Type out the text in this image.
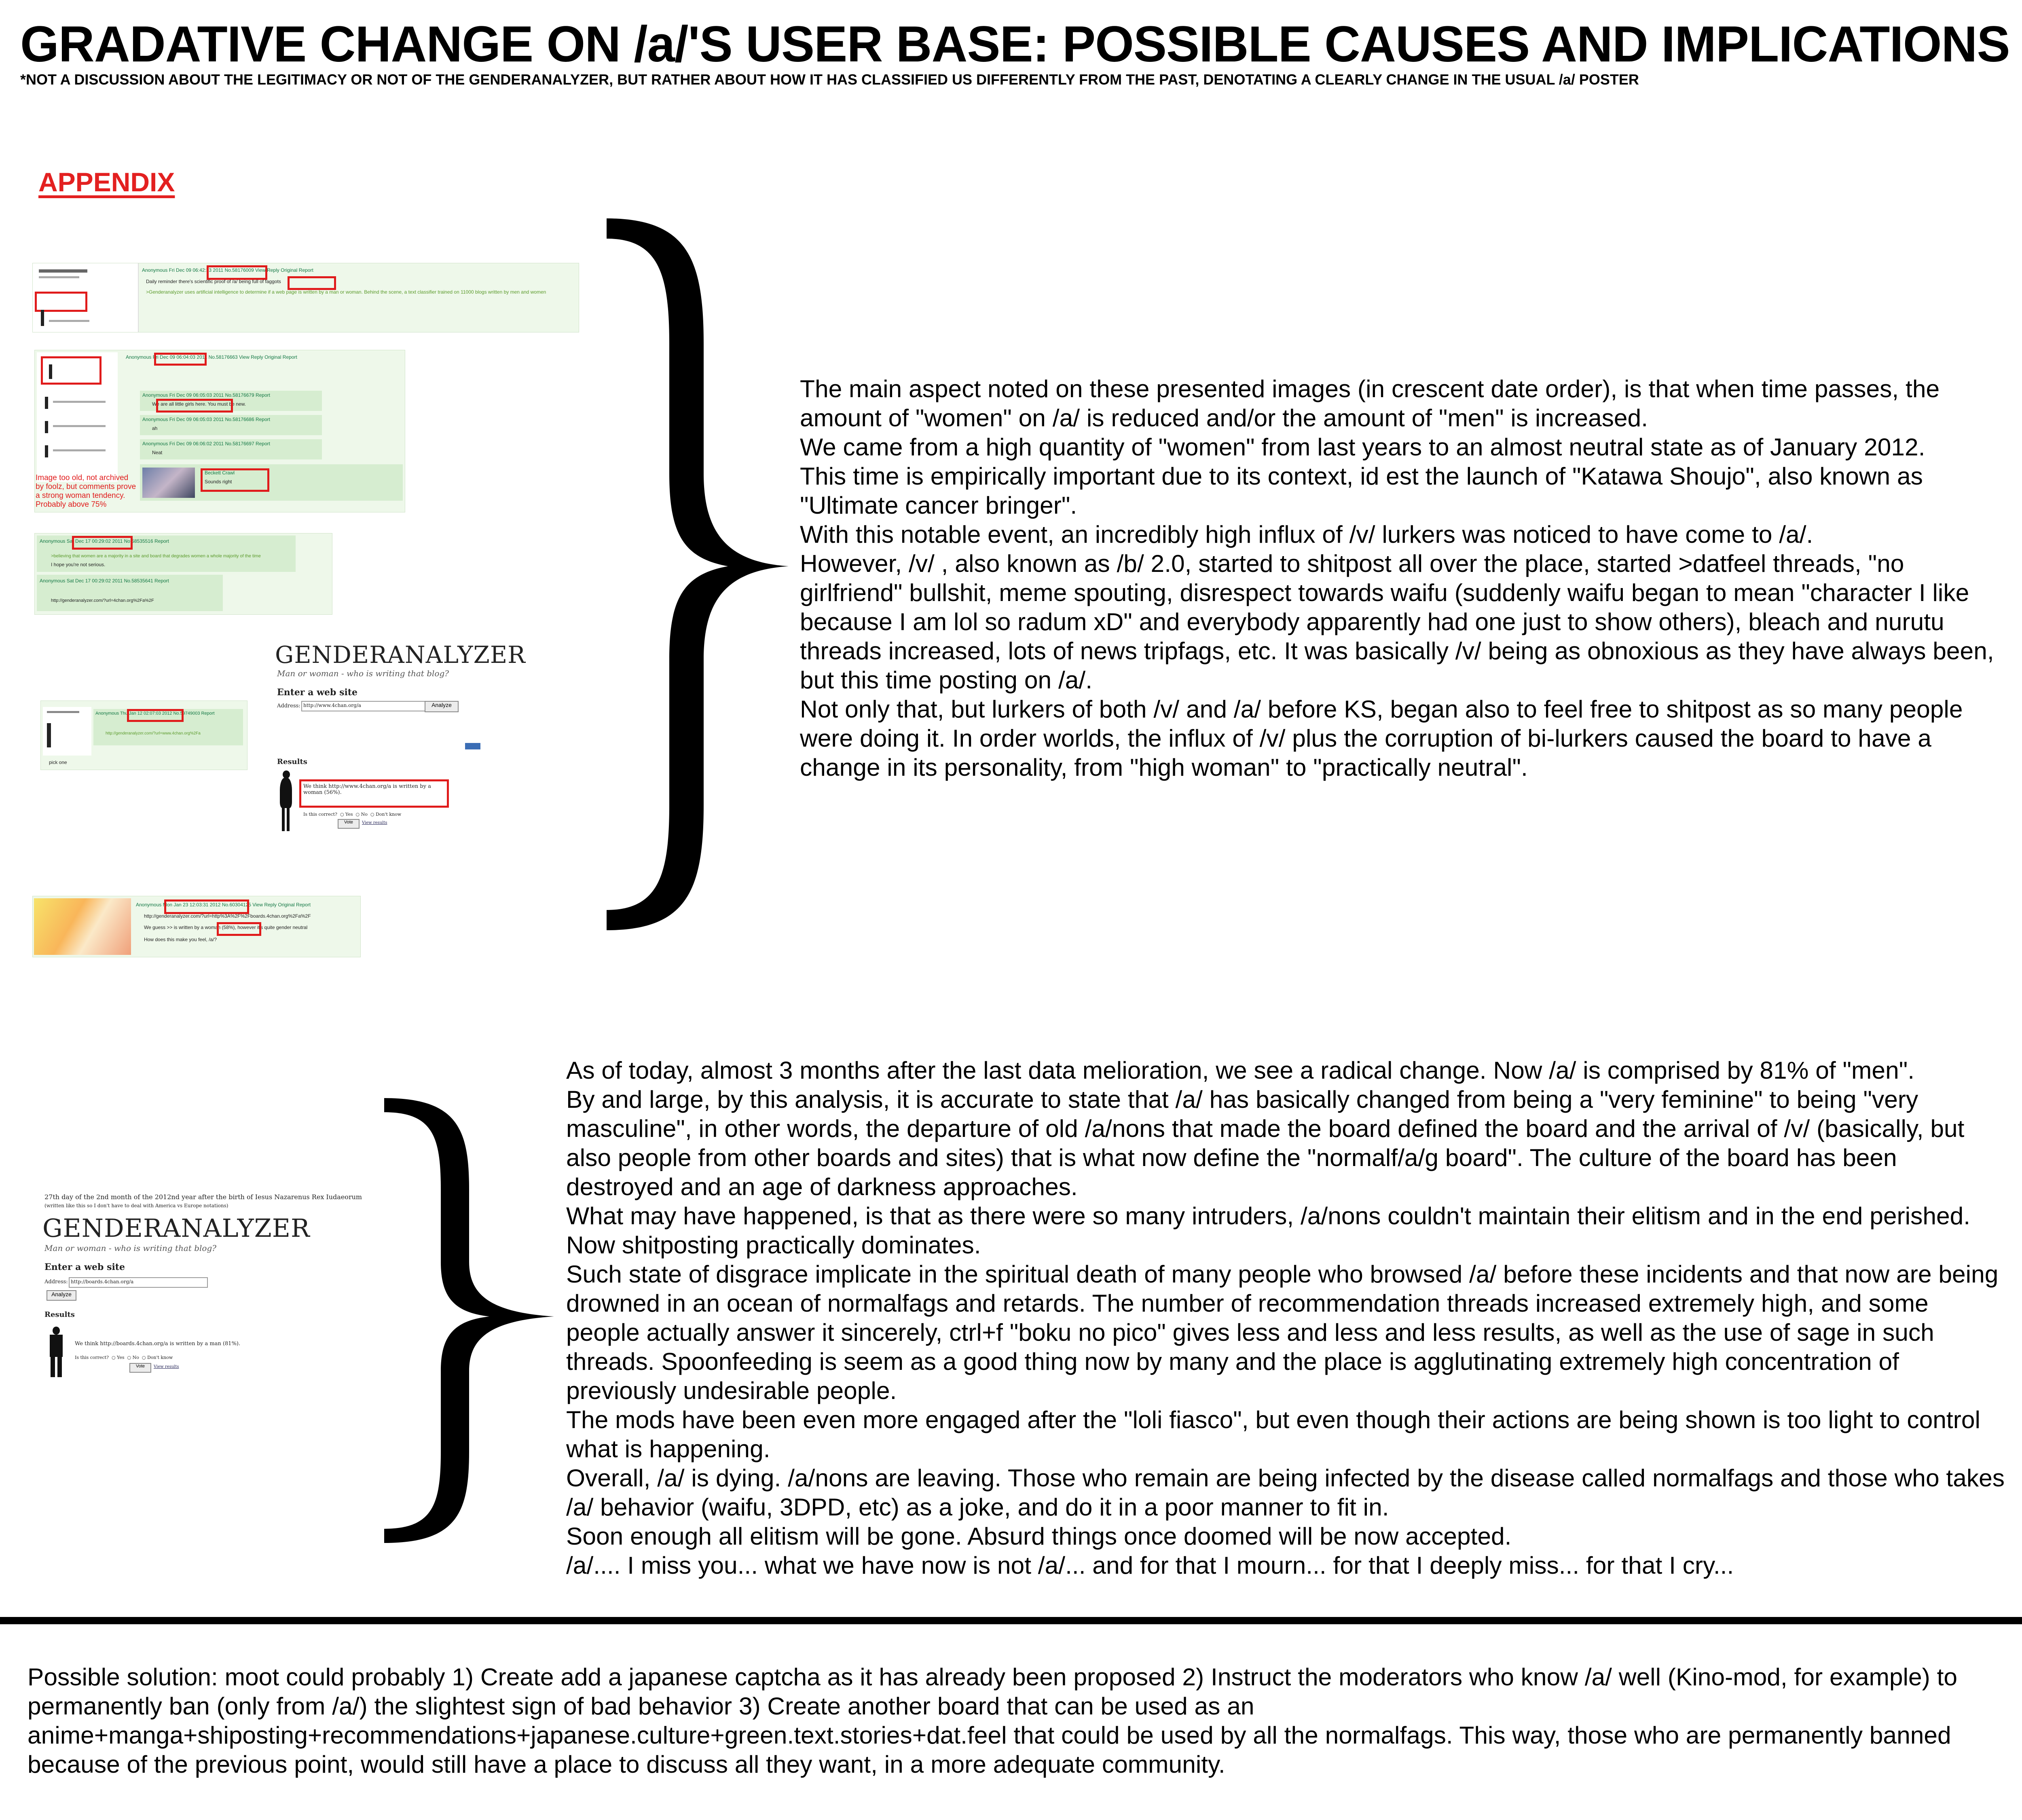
GRADATIVE CHANGE ON /a/'S USER BASE: POSSIBLE CAUSES AND IMPLICATIONS
*NOT A DISCUSSION ABOUT THE LEGITIMACY OR NOT OF THE GENDERANALYZER, BUT RATHER ABOUT HOW IT HAS CLASSIFIED US DIFFERENTLY FROM THE PAST, DENOTATING A CLEARLY CHANGE IN THE USUAL /a/ POSTER
APPENDIX
Anonymous Fri Dec 09 06:42:33 2011 No.58176009 View Reply Original Report
Daily reminder there's scientific proof of /a/ being full of faggots
>Genderanalyzer uses artificial intelligence to determine if a web page is written by a man or woman. Behind the scene, a text classifier trained on 11000 blogs written by men and women
Anonymous Fri Dec 09 06:04:03 2011 No.58176663 View Reply Original Report
Anonymous Fri Dec 09 06:05:03 2011 No.58176679 Report
We are all little girls here. You must be new.
Anonymous Fri Dec 09 06:05:03 2011 No.58176686 Report
ah
Anonymous Fri Dec 09 06:06:02 2011 No.58176697 Report
Neat
Beckett Crawl
Sounds right
Image too old, not archived by foolz, but comments prove a strong woman tendency. Probably above 75%
Anonymous Sat Dec 17 00:29:02 2011 No.58535516 Report
>believing that women are a majority in a site and board that degrades women a whole majority of the time
I hope you're not serious.
Anonymous Sat Dec 17 00:29:02 2011 No.58535641 Report
http://genderanalyzer.com/?url=4chan.org%2Fa%2F
GENDERANALYZER
Man or woman - who is writing that blog?
Enter a web site
Address: http://www.4chan.org/a	Analyze
Results
We think http://www.4chan.org/a is written by a woman (56%).
Is this correct?  ○ Yes  ○ No  ○ Don't know
Vote	View results
Anonymous Thu Jan 12 02:07:03 2012 No.59749003 Report
http://genderanalyzer.com/?url=www.4chan.org%2Fa
pick one
Anonymous Mon Jan 23 12:03:31 2012 No.60304125 View Reply Original Report
http://genderanalyzer.com/?url=http%3A%2F%2Fboards.4chan.org%2Fa%2F
We guess >> is written by a woman (58%), however it's quite gender neutral
How does this make you feel, /a/?
27th day of the 2nd month of the 2012nd year after the birth of Iesus Nazarenus Rex Iudaeorum
(written like this so I don't have to deal with America vs Europe notations)
GENDERANALYZER
Man or woman - who is writing that blog?
Enter a web site
Address: http://boards.4chan.org/a
Analyze
Results
We think http://boards.4chan.org/a is written by a man (81%).
Is this correct?  ○ Yes  ○ No  ○ Don't know
Vote	View results
The main aspect noted on these presented images (in crescent date order), is that when time passes, the amount of "women" on /a/ is reduced and/or the amount of "men" is increased.
We came from a high quantity of "women" from last years to an almost neutral state as of January 2012.
This time is empirically important due to its context, id est the launch of "Katawa Shoujo", also known as "Ultimate cancer bringer".
With this notable event, an incredibly high influx of /v/ lurkers was noticed to have come to /a/.
However, /v/ , also known as /b/ 2.0, started to shitpost all over the place, started >datfeel threads, "no girlfriend" bullshit, meme spouting, disrespect towards waifu (suddenly waifu began to mean "character I like because I am lol so radum xD" and everybody apparently had one just to show others), bleach and nurutu threads increased, lots of news tripfags, etc. It was basically /v/ being as obnoxious as they have always been, but this time posting on /a/.
Not only that, but lurkers of both /v/ and /a/ before KS, began also to feel free to shitpost as so many people were doing it. In order worlds, the influx of /v/ plus the corruption of bi-lurkers caused the board to have a change in its personality, from "high woman" to "practically neutral".
As of today, almost 3 months after the last data melioration, we see a radical change. Now /a/ is comprised by 81% of "men".
By and large, by this analysis, it is accurate to state that /a/ has basically changed from being a "very feminine" to being "very masculine", in other words, the departure of old /a/nons that made the board defined the board and the arrival of /v/ (basically, but also people from other boards and sites) that is what now define the "normalf/a/g board". The culture of the board has been destroyed and an age of darkness approaches.
What may have happened, is that as there were so many intruders, /a/nons couldn't maintain their elitism and in the end perished. Now shitposting practically dominates.
Such state of disgrace implicate in the spiritual death of many people who browsed /a/ before these incidents and that now are being drowned in an ocean of normalfags and retards. The number of recommendation threads increased extremely high, and some people actually answer it sincerely, ctrl+f "boku no pico" gives less and less and less results, as well as the use of sage in such threads. Spoonfeeding is seem as a good thing now by many and the place is agglutinating extremely high concentration of previously undesirable people.
The mods have been even more engaged after the "loli fiasco", but even though their actions are being shown is too light to control what is happening.
Overall, /a/ is dying. /a/nons are leaving. Those who remain are being infected by the disease called normalfags and those who takes /a/ behavior (waifu, 3DPD, etc) as a joke, and do it in a poor manner to fit in.
Soon enough all elitism will be gone. Absurd things once doomed will be now accepted.
/a/.... I miss you... what we have now is not /a/... and for that I mourn... for that I deeply miss... for that I cry...
Possible solution: moot could probably 1) Create add a japanese captcha as it has already been proposed 2) Instruct the moderators who know /a/ well (Kino-mod, for example) to permanently ban (only from /a/) the slightest sign of bad behavior 3) Create another board that can be used as an anime+manga+shiposting+recommendations+japanese.culture+green.text.stories+dat.feel that could be used by all the normalfags. This way, those who are permanently banned because of the previous point, would still have a place to discuss all they want, in a more adequate community.
